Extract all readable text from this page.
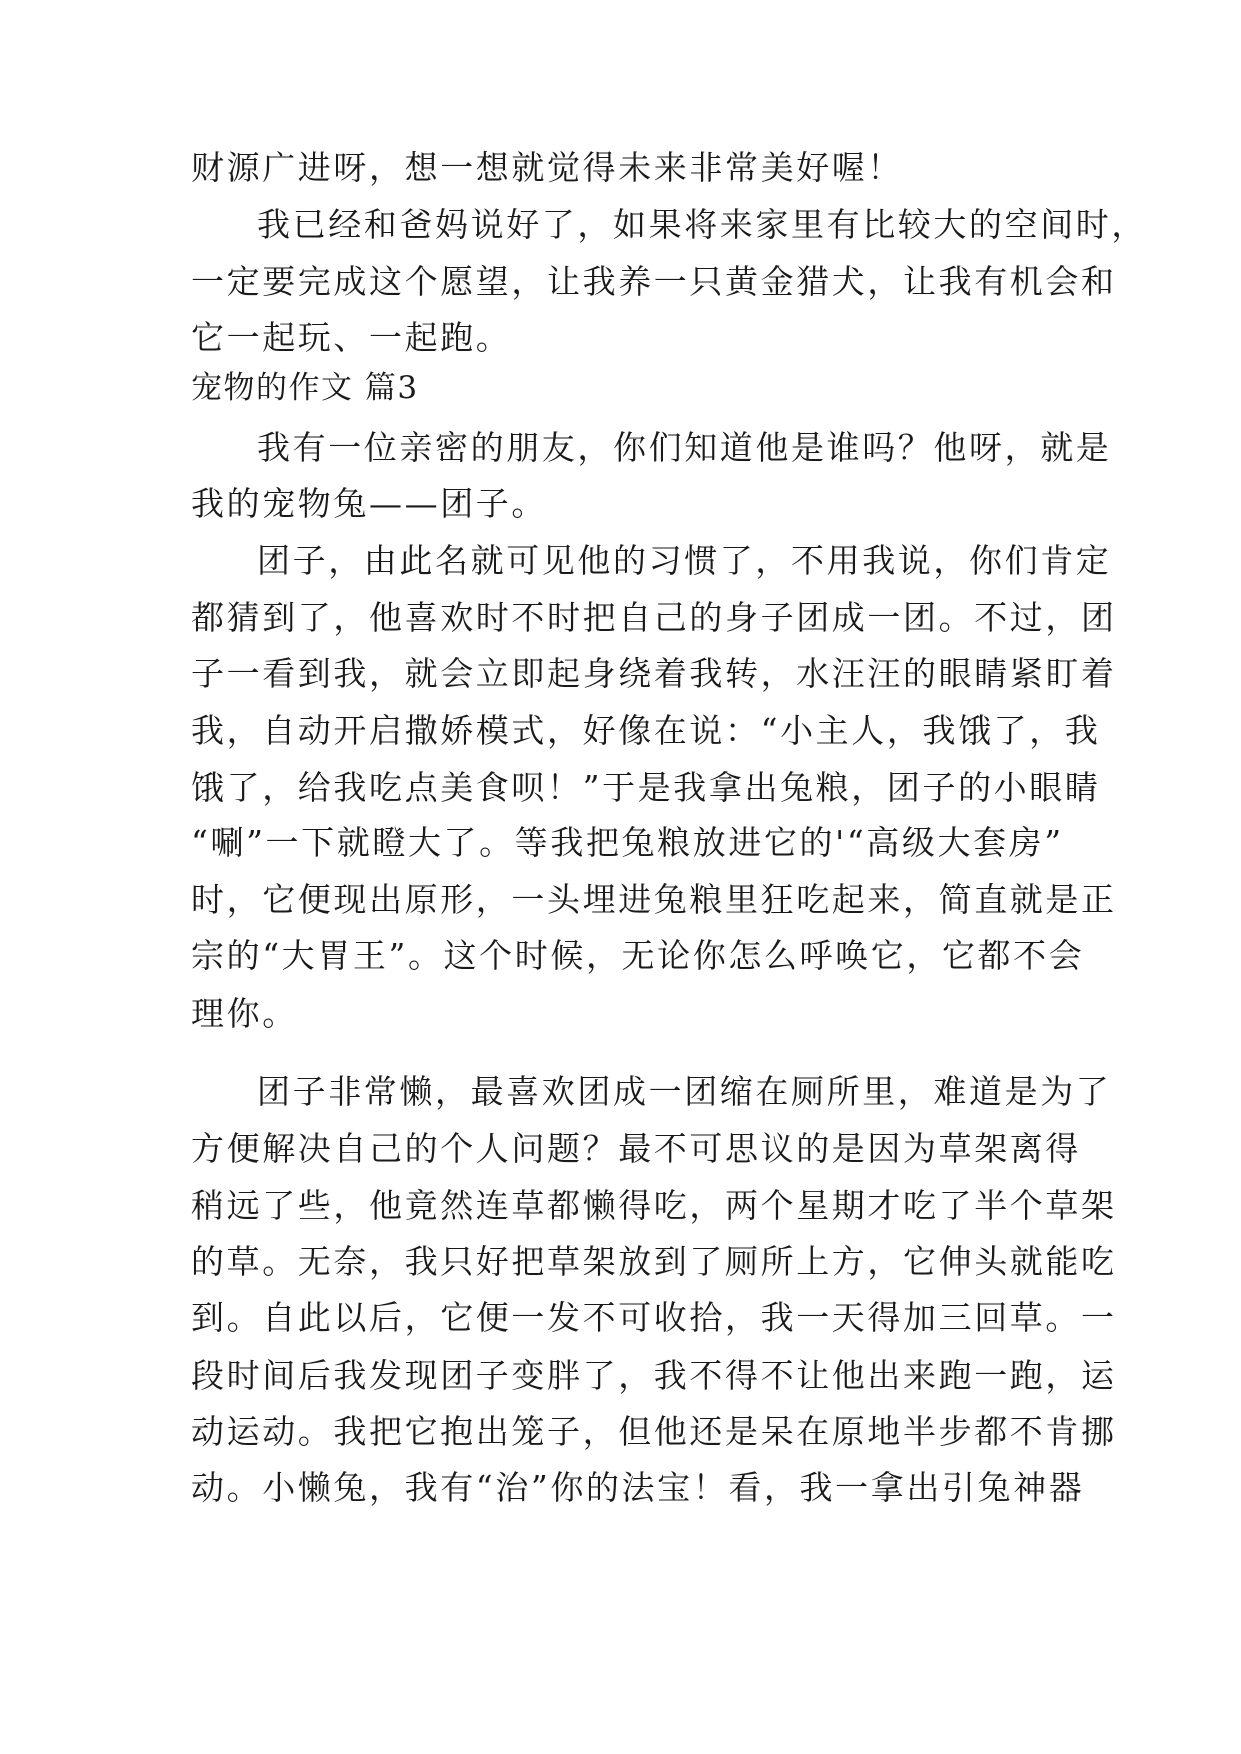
财源广进呀，想一想就觉得未来非常美好喔！
我已经和爸妈说好了，如果将来家里有比较大的空间时，
一定要完成这个愿望，让我养一只黄金猎犬，让我有机会和
它一起玩、一起跑。
宠物的作文 篇3
我有一位亲密的朋友，你们知道他是谁吗？他呀，就是
我的宠物兔——团子。
团子，由此名就可见他的习惯了，不用我说，你们肯定
都猜到了，他喜欢时不时把自己的身子团成一团。不过，团
子一看到我，就会立即起身绕着我转，水汪汪的眼睛紧盯着
我，自动开启撒娇模式，好像在说：“小主人，我饿了，我
饿了，给我吃点美食呗！”于是我拿出兔粮，团子的小眼睛
“唰”一下就瞪大了。等我把兔粮放进它的'“高级大套房”
时，它便现出原形，一头埋进兔粮里狂吃起来，简直就是正
宗的“大胃王”。这个时候，无论你怎么呼唤它，它都不会
理你。
团子非常懒，最喜欢团成一团缩在厕所里，难道是为了
方便解决自己的个人问题？最不可思议的是因为草架离得
稍远了些，他竟然连草都懒得吃，两个星期才吃了半个草架
的草。无奈，我只好把草架放到了厕所上方，它伸头就能吃
到。自此以后，它便一发不可收拾，我一天得加三回草。一
段时间后我发现团子变胖了，我不得不让他出来跑一跑，运
动运动。我把它抱出笼子，但他还是呆在原地半步都不肯挪
动。小懒兔，我有“治”你的法宝！看，我一拿出引兔神器
